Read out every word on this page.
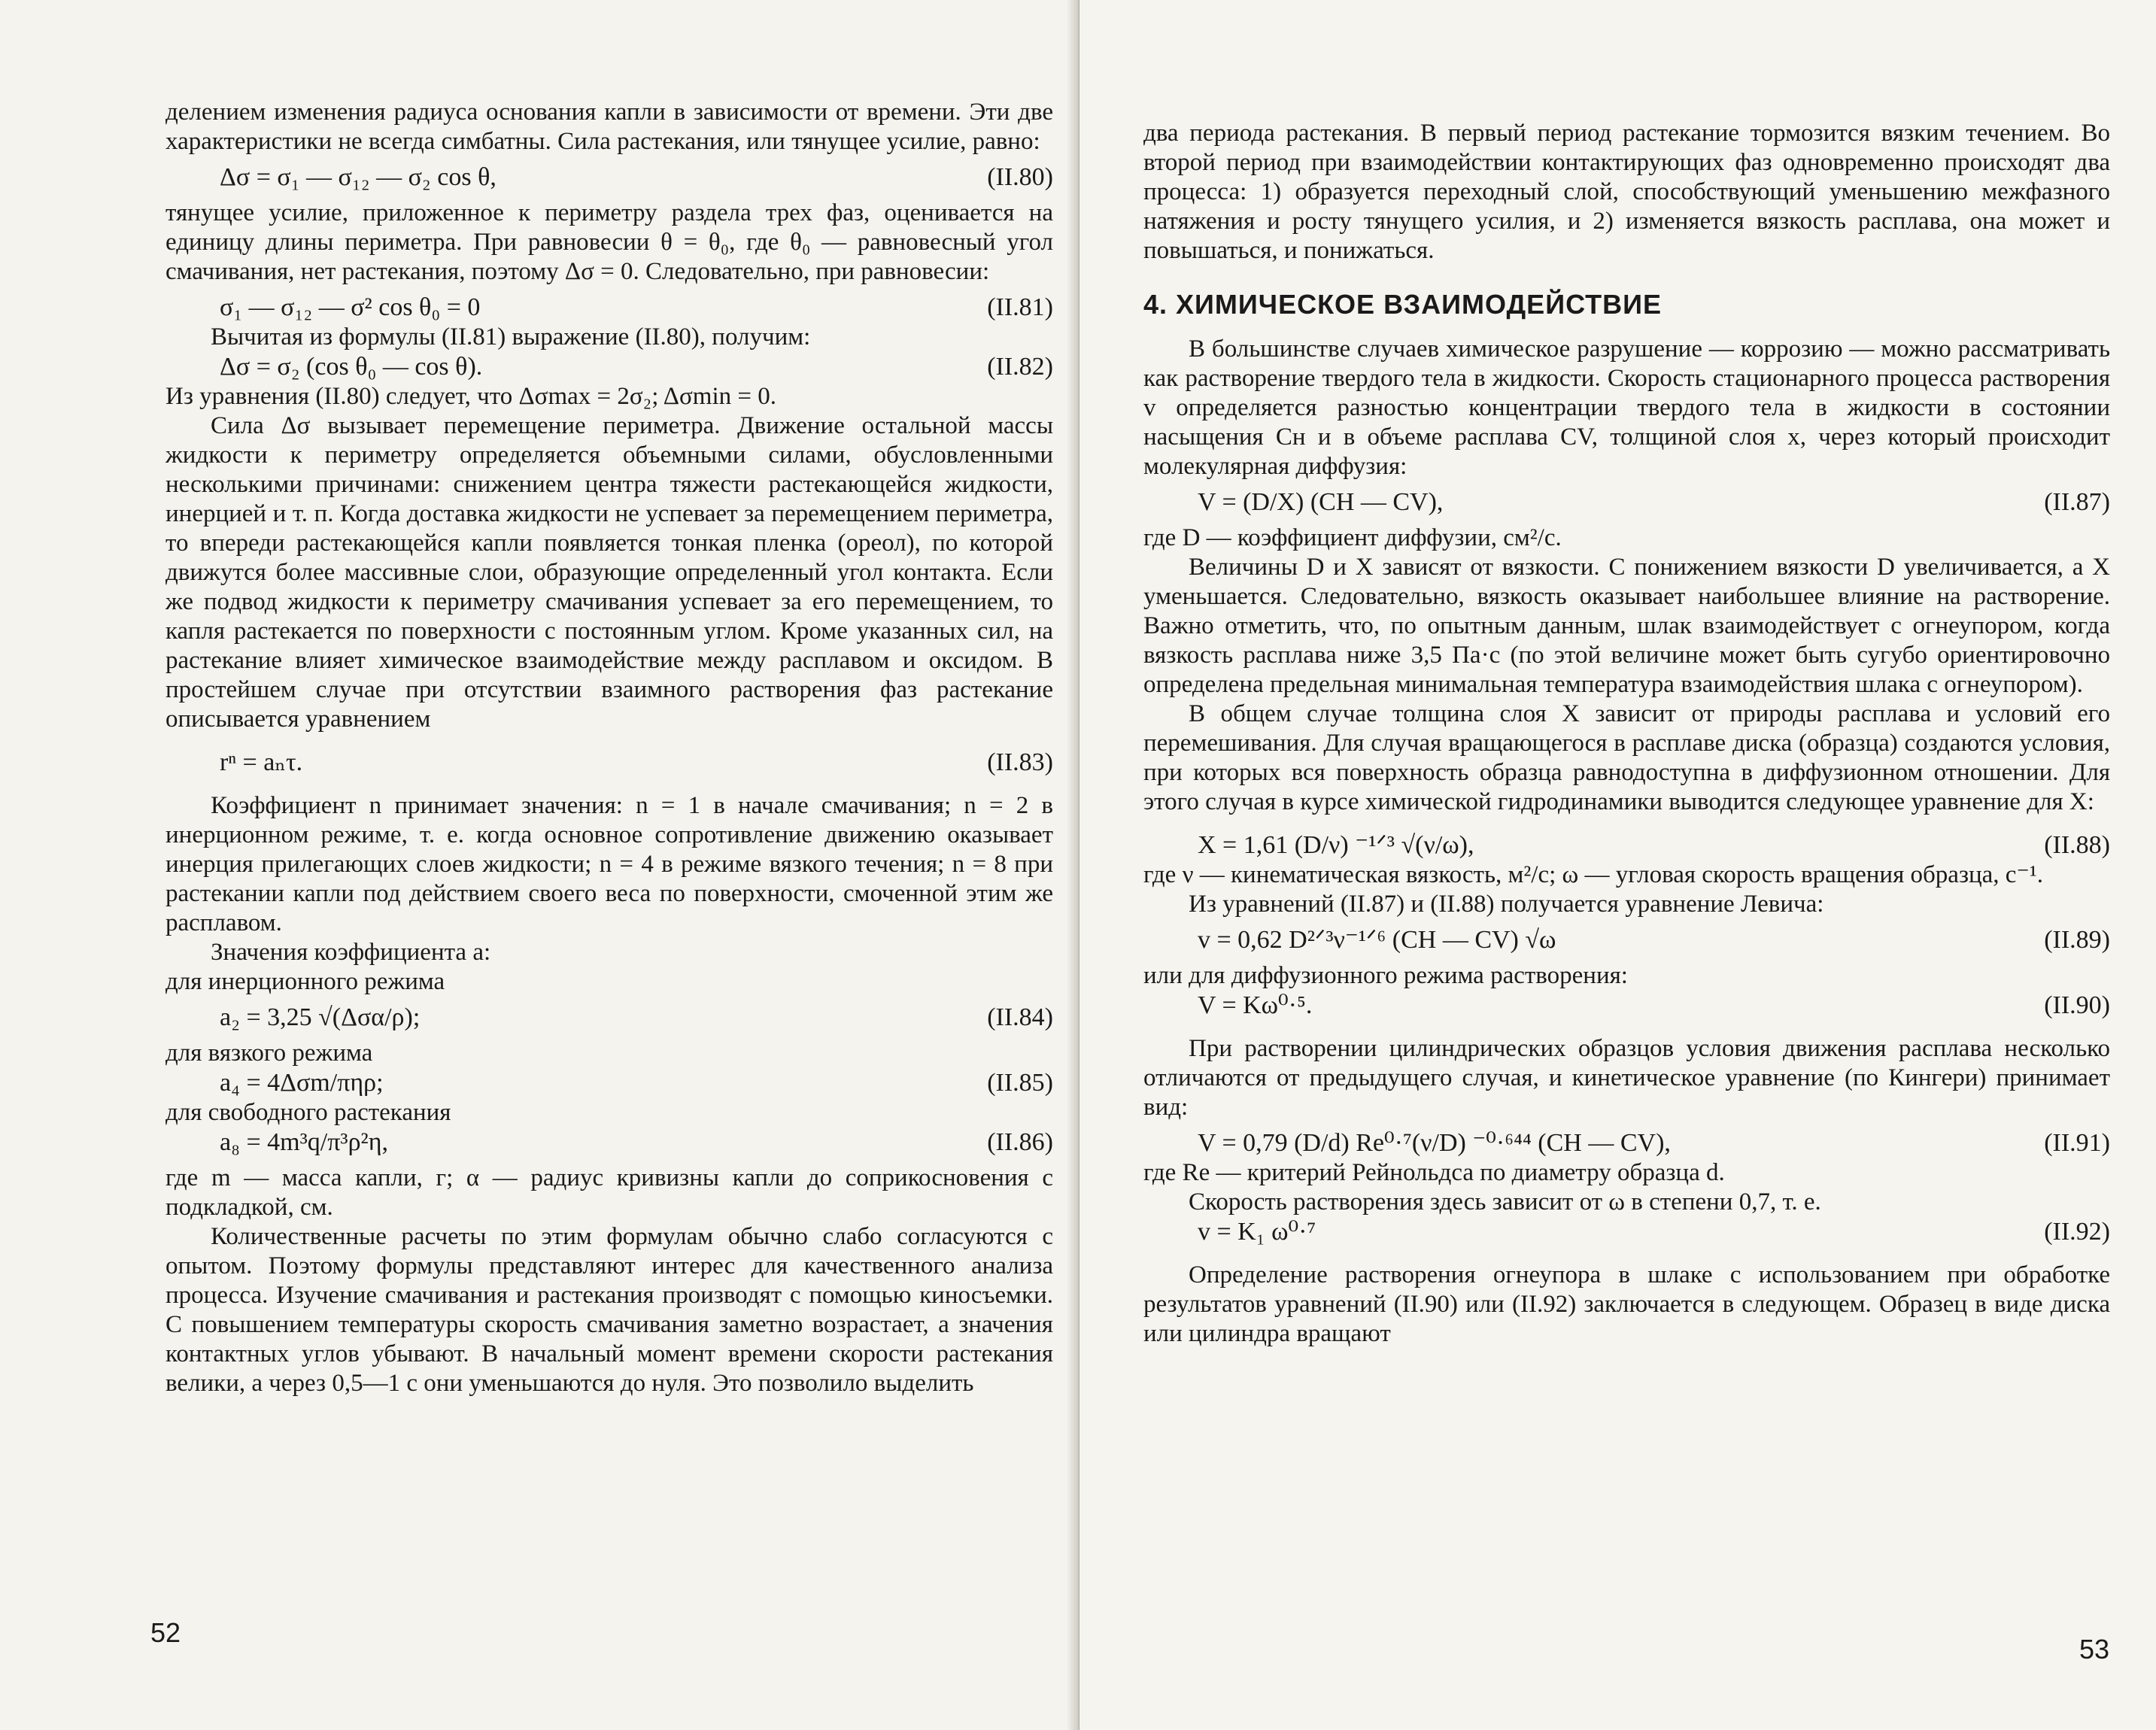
делением изменения радиуса основания капли в зависимости от времени. Эти две характеристики не всегда симбатны. Сила растекания, или тянущее усилие, равно:

Δσ = σ₁ — σ₁₂ — σ₂ cos θ,	(II.80)

тянущее усилие, приложенное к периметру раздела трех фаз, оценивается на единицу длины периметра. При равновесии θ = θ₀, где θ₀ — равновесный угол смачивания, нет растекания, поэтому Δσ = 0. Следовательно, при равновесии:

σ₁ — σ₁₂ — σ² cos θ₀ = 0	(II.81)

Вычитая из формулы (II.81) выражение (II.80), получим:

Δσ = σ₂ (cos θ₀ — cos θ).	(II.82)

Из уравнения (II.80) следует, что Δσmax = 2σ₂; Δσmin = 0.

Сила Δσ вызывает перемещение периметра. Движение остальной массы жидкости к периметру определяется объемными силами, обусловленными несколькими причинами: снижением центра тяжести растекающейся жидкости, инерцией и т. п. Когда доставка жидкости не успевает за перемещением периметра, то впереди растекающейся капли появляется тонкая пленка (ореол), по которой движутся более массивные слои, образующие определенный угол контакта. Если же подвод жидкости к периметру смачивания успевает за его перемещением, то капля растекается по поверхности с постоянным углом. Кроме указанных сил, на растекание влияет химическое взаимодействие между расплавом и оксидом. В простейшем случае при отсутствии взаимного растворения фаз растекание описывается уравнением

rⁿ = aₙτ.	(II.83)

Коэффициент n принимает значения: n = 1 в начале смачивания; n = 2 в инерционном режиме, т. е. когда основное сопротивление движению оказывает инерция прилегающих слоев жидкости; n = 4 в режиме вязкого течения; n = 8 при растекании капли под действием своего веса по поверхности, смоченной этим же расплавом.

Значения коэффициента a:

для инерционного режима

a₂ = 3,25 √(Δσα/ρ);	(II.84)

для вязкого режима

a₄ = 4Δσm/πηρ;	(II.85)

для свободного растекания

a₈ = 4m³q/π³ρ²η,	(II.86)

где m — масса капли, г; α — радиус кривизны капли до соприкосновения с подкладкой, см.

Количественные расчеты по этим формулам обычно слабо согласуются с опытом. Поэтому формулы представляют интерес для качественного анализа процесса. Изучение смачивания и растекания производят с помощью киносъемки. С повышением температуры скорость смачивания заметно возрастает, а значения контактных углов убывают. В начальный момент времени скорости растекания велики, а через 0,5—1 с они уменьшаются до нуля. Это позволило выделить

52

два периода растекания. В первый период растекание тормозится вязким течением. Во второй период при взаимодействии контактирующих фаз одновременно происходят два процесса: 1) образуется переходный слой, способствующий уменьшению межфазного натяжения и росту тянущего усилия, и 2) изменяется вязкость расплава, она может и повышаться, и понижаться.

4. ХИМИЧЕСКОЕ ВЗАИМОДЕЙСТВИЕ

В большинстве случаев химическое разрушение — коррозию — можно рассматривать как растворение твердого тела в жидкости. Скорость стационарного процесса растворения v определяется разностью концентрации твердого тела в жидкости в состоянии насыщения Cн и в объеме расплава CV, толщиной слоя x, через который происходит молекулярная диффузия:

V = (D/X) (CН — CV),	(II.87)

где D — коэффициент диффузии, см²/с.

Величины D и X зависят от вязкости. С понижением вязкости D увеличивается, а X уменьшается. Следовательно, вязкость оказывает наибольшее влияние на растворение. Важно отметить, что, по опытным данным, шлак взаимодействует с огнеупором, когда вязкость расплава ниже 3,5 Па·с (по этой величине может быть сугубо ориентировочно определена предельная минимальная температура взаимодействия шлака с огнеупором).

В общем случае толщина слоя X зависит от природы расплава и условий его перемешивания. Для случая вращающегося в расплаве диска (образца) создаются условия, при которых вся поверхность образца равнодоступна в диффузионном отношении. Для этого случая в курсе химической гидродинамики выводится следующее уравнение для X:

X = 1,61 (D/ν) ⁻¹ᐟ³ √(ν/ω),	(II.88)

где ν — кинематическая вязкость, м²/с; ω — угловая скорость вращения образца, с⁻¹.

Из уравнений (II.87) и (II.88) получается уравнение Левича:

v = 0,62 D²ᐟ³ν⁻¹ᐟ⁶ (CН — CV) √ω	(II.89)

или для диффузионного режима растворения:

V = Kω⁰·⁵.	(II.90)

При растворении цилиндрических образцов условия движения расплава несколько отличаются от предыдущего случая, и кинетическое уравнение (по Кингери) принимает вид:

V = 0,79 (D/d) Re⁰·⁷(ν/D) ⁻⁰·⁶⁴⁴ (CН — CV),	(II.91)

где Re — критерий Рейнольдса по диаметру образца d.

Скорость растворения здесь зависит от ω в степени 0,7, т. е.

v = K₁ ω⁰·⁷	(II.92)

Определение растворения огнеупора в шлаке с использованием при обработке результатов уравнений (II.90) или (II.92) заключается в следующем. Образец в виде диска или цилиндра вращают

53
